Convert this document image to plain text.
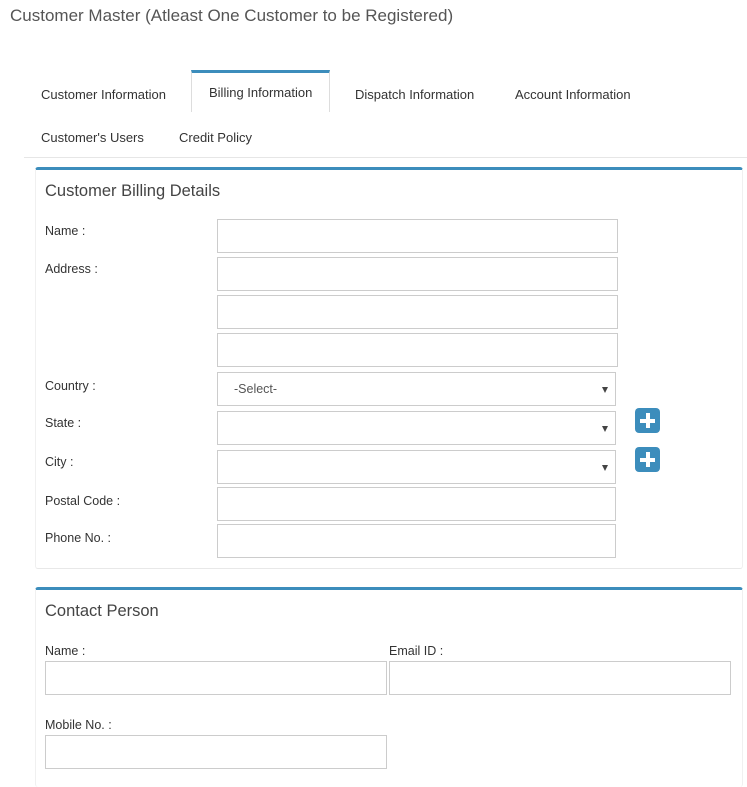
Customer Master (Atleast One Customer to be Registered)
Customer Information	Billing Information	Dispatch Information	Account Information
Customer's Users	Credit Policy
Customer Billing Details
Name :
Address :
Country :	-Select-
State :
City :
Postal Code :
Phone No. :
Contact Person
Name :	Email ID :
Mobile No. :
